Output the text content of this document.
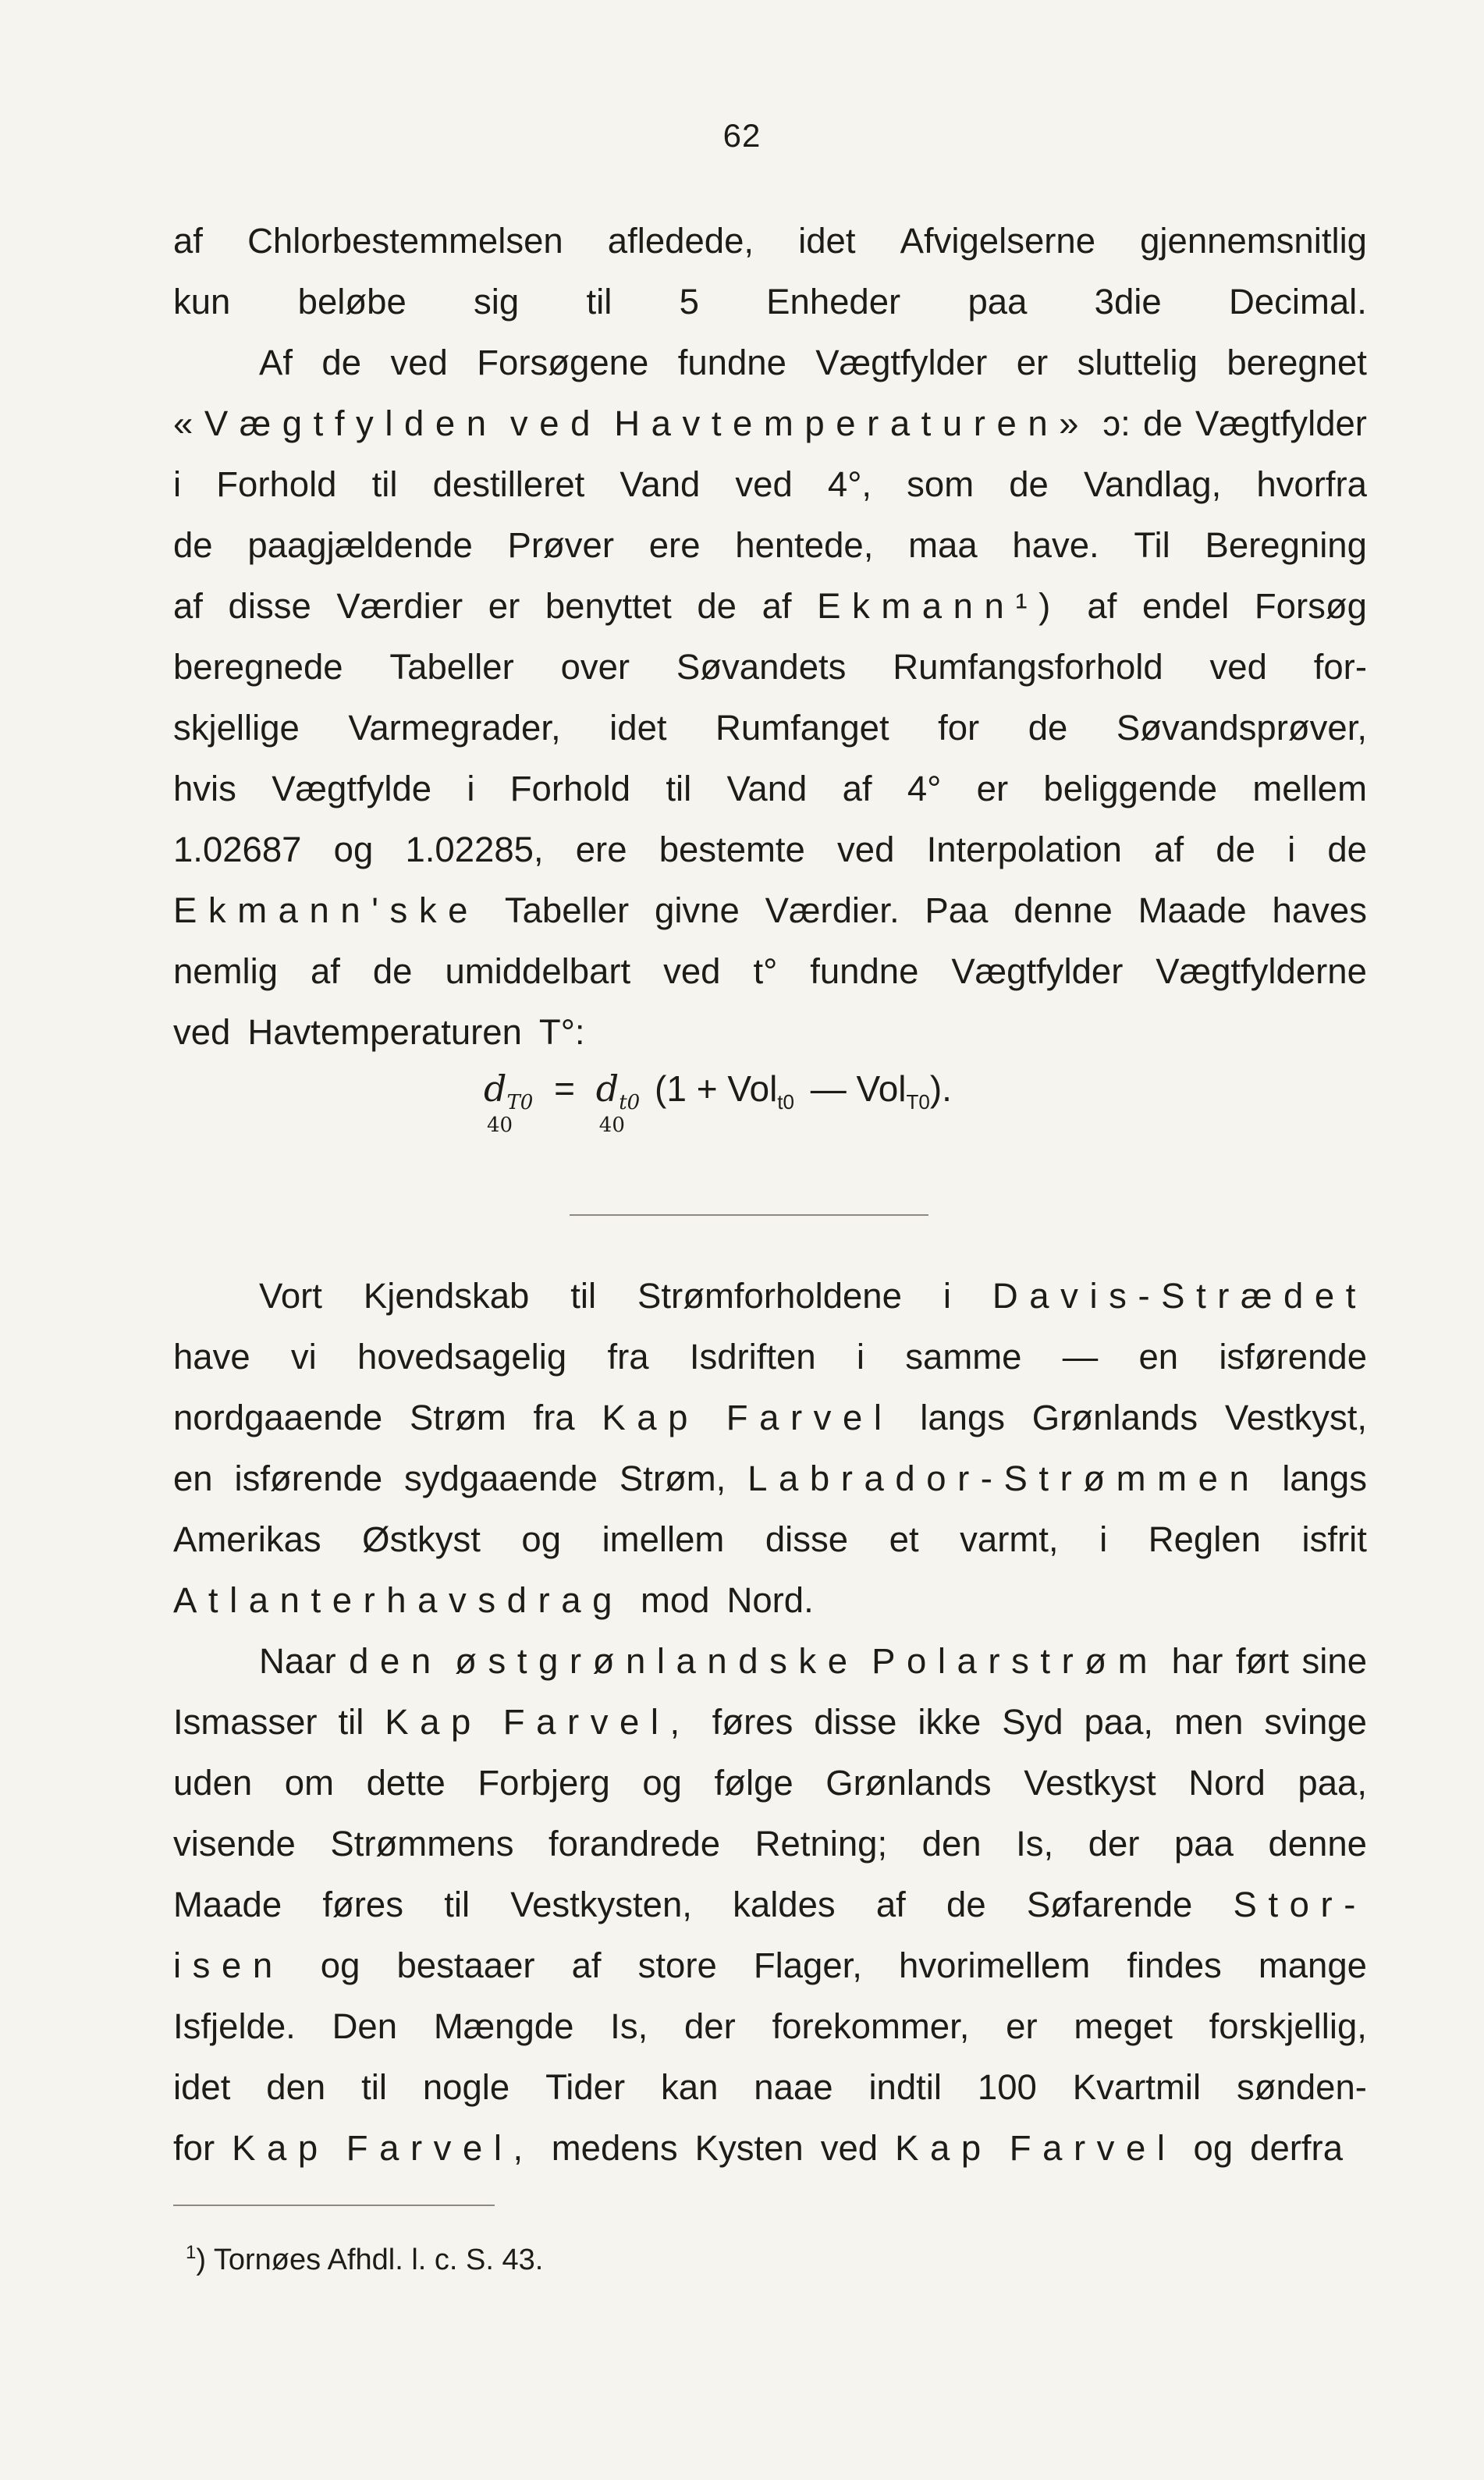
62
af Chlorbestemmelsen afledede, idet Afvigelserne gjennemsnitlig
kun beløbe sig til 5 Enheder paa 3die Decimal.
Af de ved Forsøgene fundne Vægtfylder er sluttelig beregnet
«Vægtfylden ved Havtemperaturen» ɔ: de Vægtfylder
i Forhold til destilleret Vand ved 4°, som de Vandlag, hvorfra
de paagjældende Prøver ere hentede, maa have. Til Beregning
af disse Værdier er benyttet de af Ekmann¹) af endel Forsøg
beregnede Tabeller over Søvandets Rumfangsforhold ved for-
skjellige Varmegrader, idet Rumfanget for de Søvandsprøver,
hvis Vægtfylde i Forhold til Vand af 4° er beliggende mellem
1.02687 og 1.02285, ere bestemte ved Interpolation af de i de
Ekmann'ske Tabeller givne Værdier. Paa denne Maade haves
nemlig af de umiddelbart ved t° fundne Vægtfylder Vægtfylderne
ved Havtemperaturen T°:
$d_{T0}$
40
= $d_{t0}$
40
(1 + Vol$_{t0}$ — Vol$_{T0}$).
Vort Kjendskab til Strømforholdene i Davis-Strædet
have vi hovedsagelig fra Isdriften i samme — en isførende
nordgaaende Strøm fra Kap Farvel langs Grønlands Vestkyst,
en isførende sydgaaende Strøm, Labrador-Strømmen langs
Amerikas Østkyst og imellem disse et varmt, i Reglen isfrit
Atlanterhavsdrag mod Nord.
Naar den østgrønlandske Polarstrøm har ført sine
Ismasser til Kap Farvel, føres disse ikke Syd paa, men svinge
uden om dette Forbjerg og følge Grønlands Vestkyst Nord paa,
visende Strømmens forandrede Retning; den Is, der paa denne
Maade føres til Vestkysten, kaldes af de Søfarende Stor-
isen og bestaaer af store Flager, hvorimellem findes mange
Isfjelde. Den Mængde Is, der forekommer, er meget forskjellig,
idet den til nogle Tider kan naae indtil 100 Kvartmil sønden-
for Kap Farvel, medens Kysten ved Kap Farvel og derfra
$^1$) Tornøes Afhdl. l. c. S. 43.
